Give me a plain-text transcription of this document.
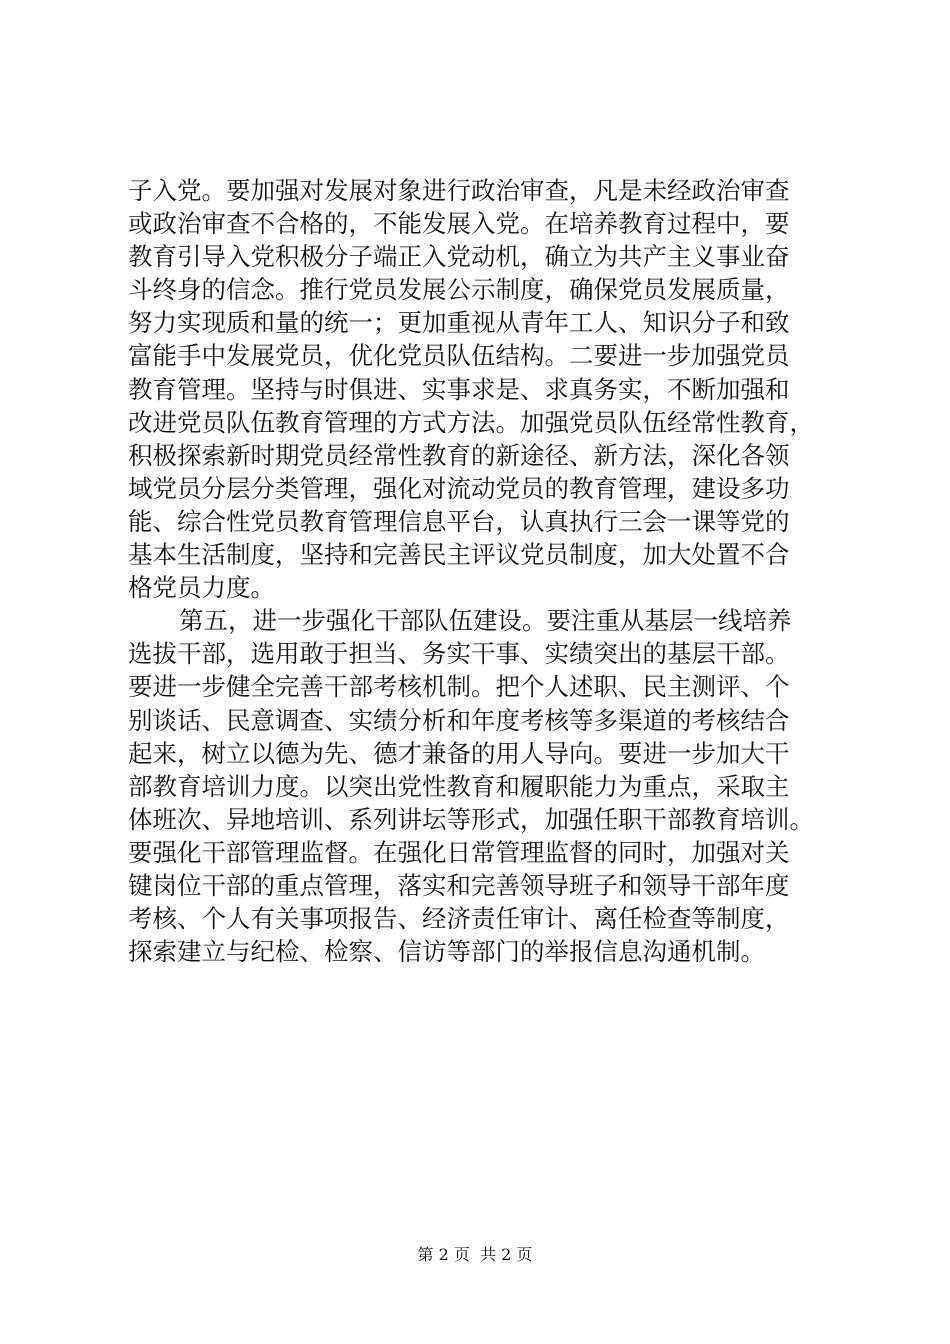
子入党。要加强对发展对象进行政治审查，凡是未经政治审查
或政治审查不合格的，不能发展入党。在培养教育过程中，要
教育引导入党积极分子端正入党动机，确立为共产主义事业奋
斗终身的信念。推行党员发展公示制度，确保党员发展质量，
努力实现质和量的统一；更加重视从青年工人、知识分子和致
富能手中发展党员，优化党员队伍结构。二要进一步加强党员
教育管理。坚持与时俱进、实事求是、求真务实，不断加强和
改进党员队伍教育管理的方式方法。加强党员队伍经常性教育，
积极探索新时期党员经常性教育的新途径、新方法，深化各领
域党员分层分类管理，强化对流动党员的教育管理，建设多功
能、综合性党员教育管理信息平台，认真执行三会一课等党的
基本生活制度，坚持和完善民主评议党员制度，加大处置不合
格党员力度。
第五，进一步强化干部队伍建设。要注重从基层一线培养
选拔干部，选用敢于担当、务实干事、实绩突出的基层干部。
要进一步健全完善干部考核机制。把个人述职、民主测评、个
别谈话、民意调查、实绩分析和年度考核等多渠道的考核结合
起来，树立以德为先、德才兼备的用人导向。要进一步加大干
部教育培训力度。以突出党性教育和履职能力为重点，采取主
体班次、异地培训、系列讲坛等形式，加强任职干部教育培训。
要强化干部管理监督。在强化日常管理监督的同时，加强对关
键岗位干部的重点管理，落实和完善领导班子和领导干部年度
考核、个人有关事项报告、经济责任审计、离任检查等制度，
探索建立与纪检、检察、信访等部门的举报信息沟通机制。
第 2 页  共 2 页
